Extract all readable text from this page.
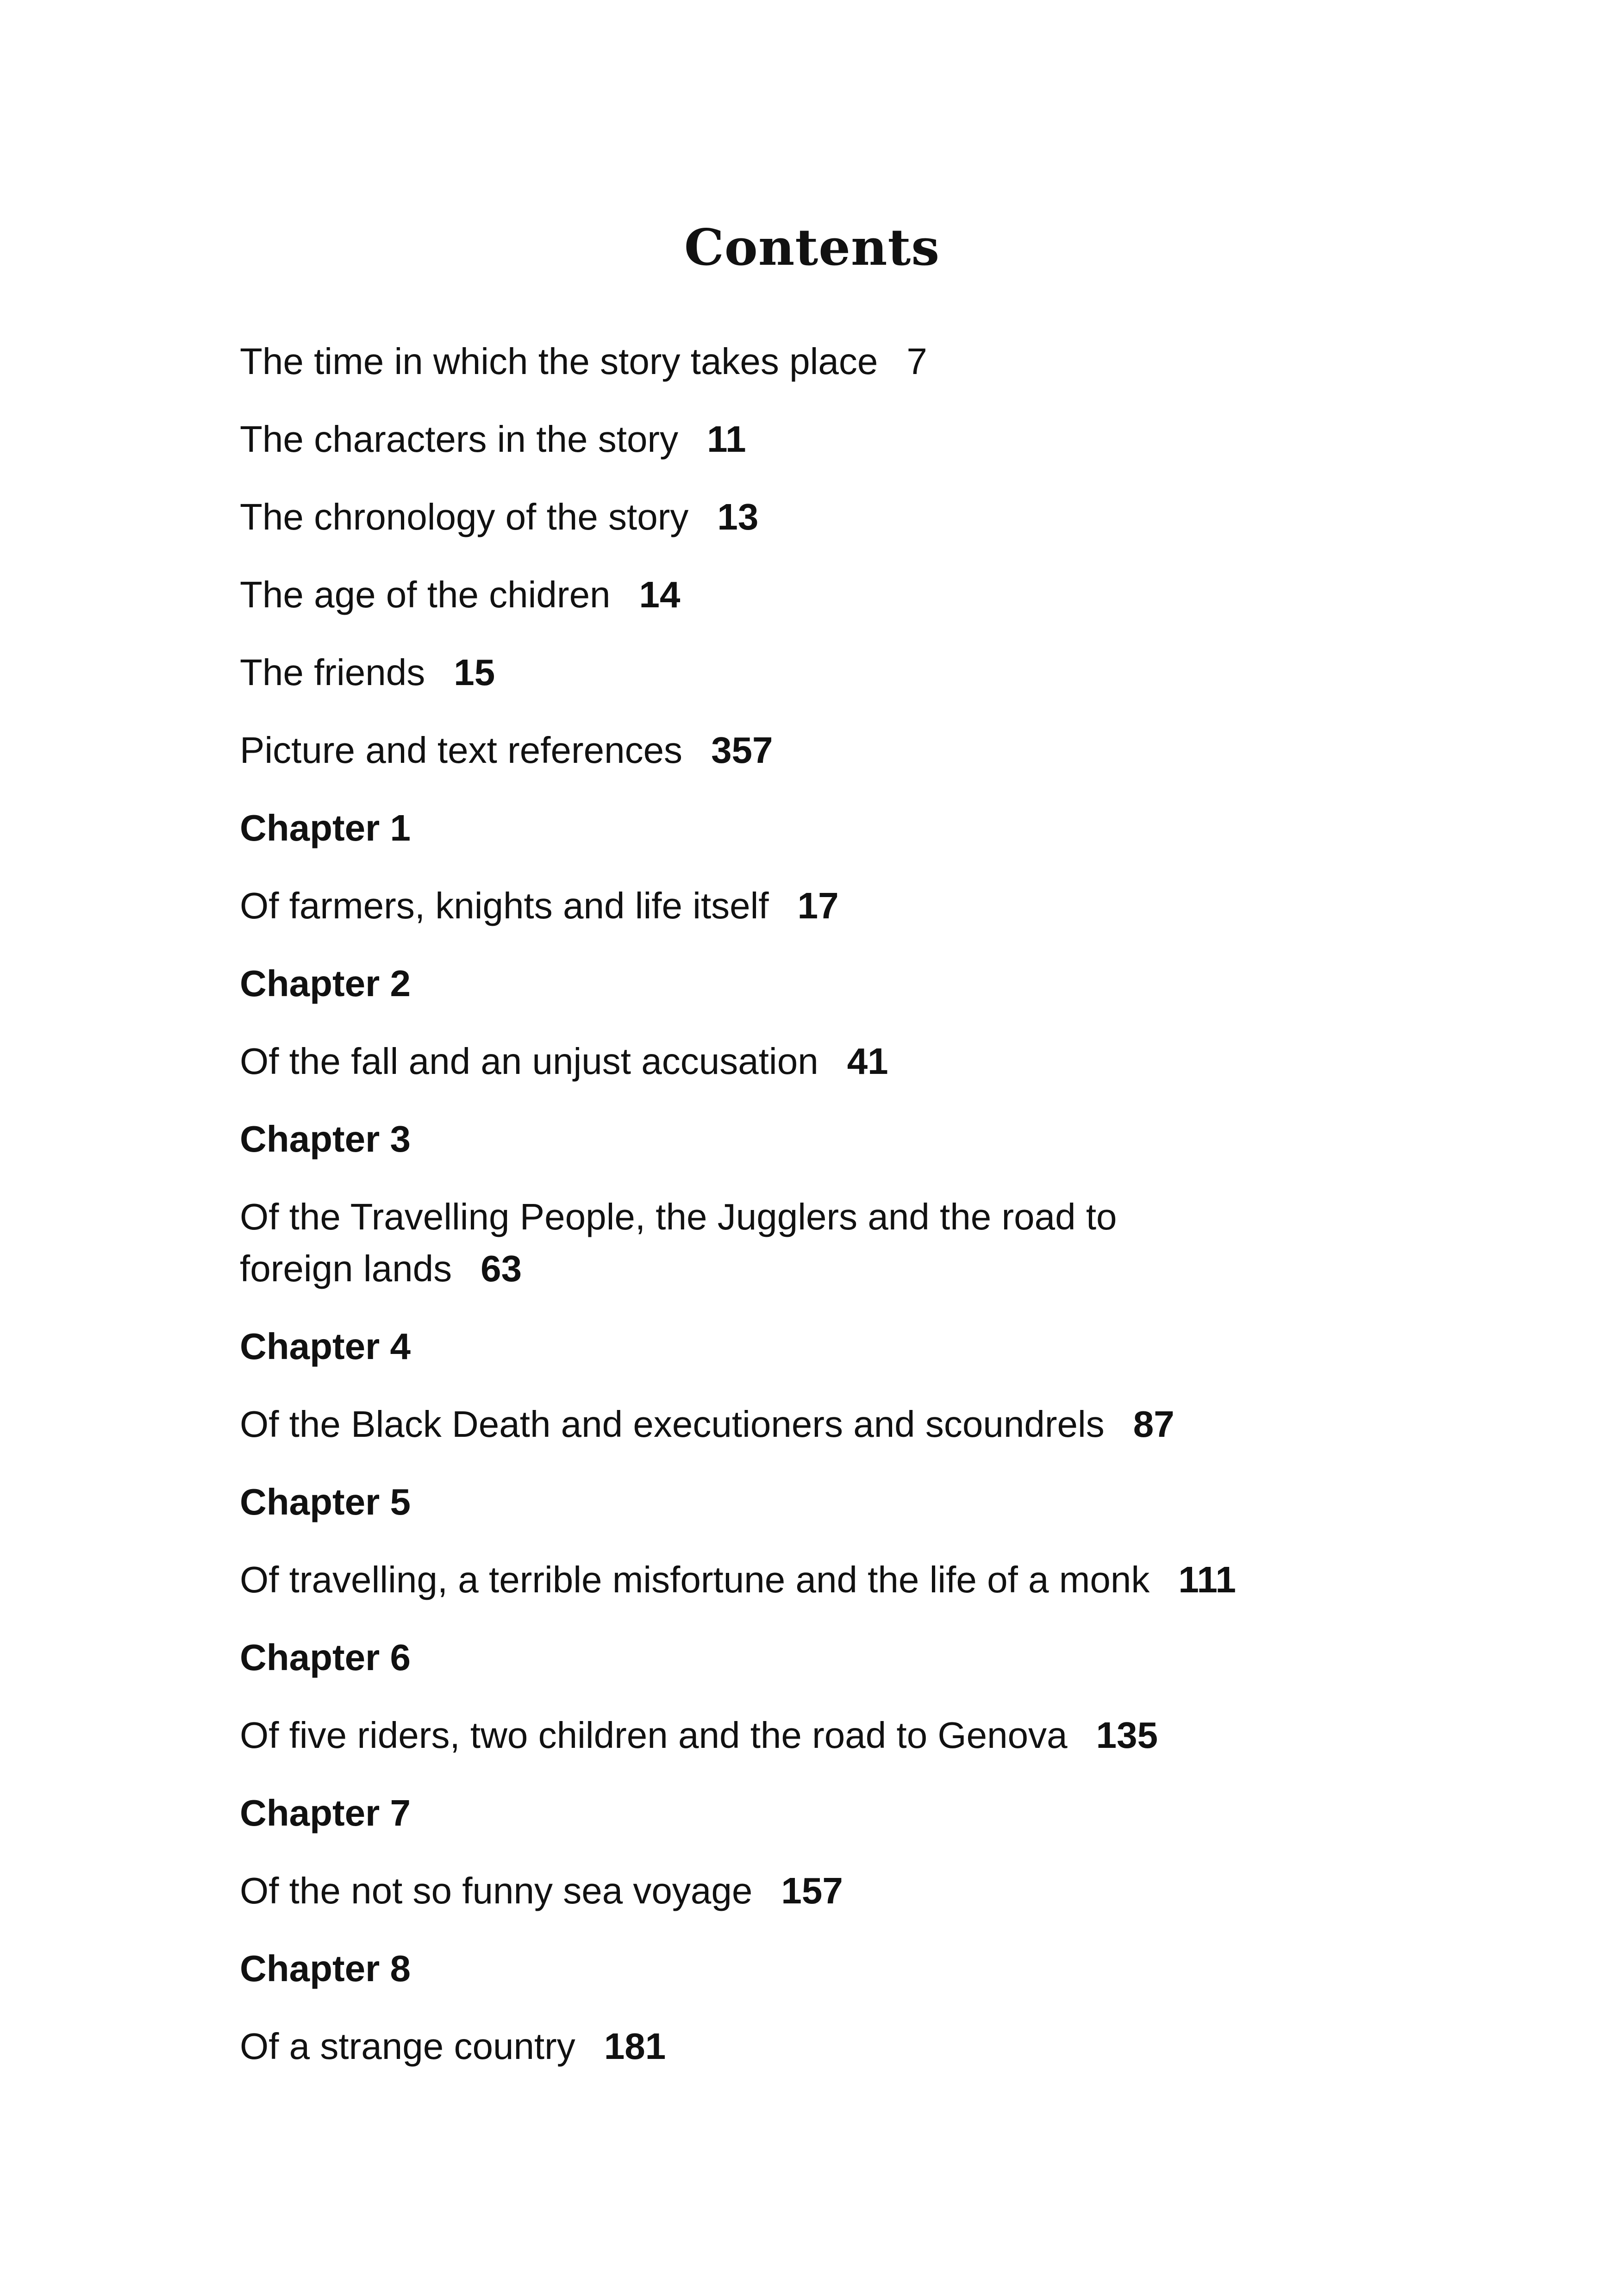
Contents
The time in which the story takes place 7
The characters in the story 11
The chronology of the story 13
The age of the chidren 14
The friends 15
Picture and text references 357
Chapter 1
Of farmers, knights and life itself 17
Chapter 2
Of the fall and an unjust accusation 41
Chapter 3
Of the Travelling People, the Jugglers and the road to foreign lands 63
Chapter 4
Of the Black Death and executioners and scoundrels 87
Chapter 5
Of travelling, a terrible misfortune and the life of a monk 111
Chapter 6
Of five riders, two children and the road to Genova 135
Chapter 7
Of the not so funny sea voyage 157
Chapter 8
Of a strange country 181
